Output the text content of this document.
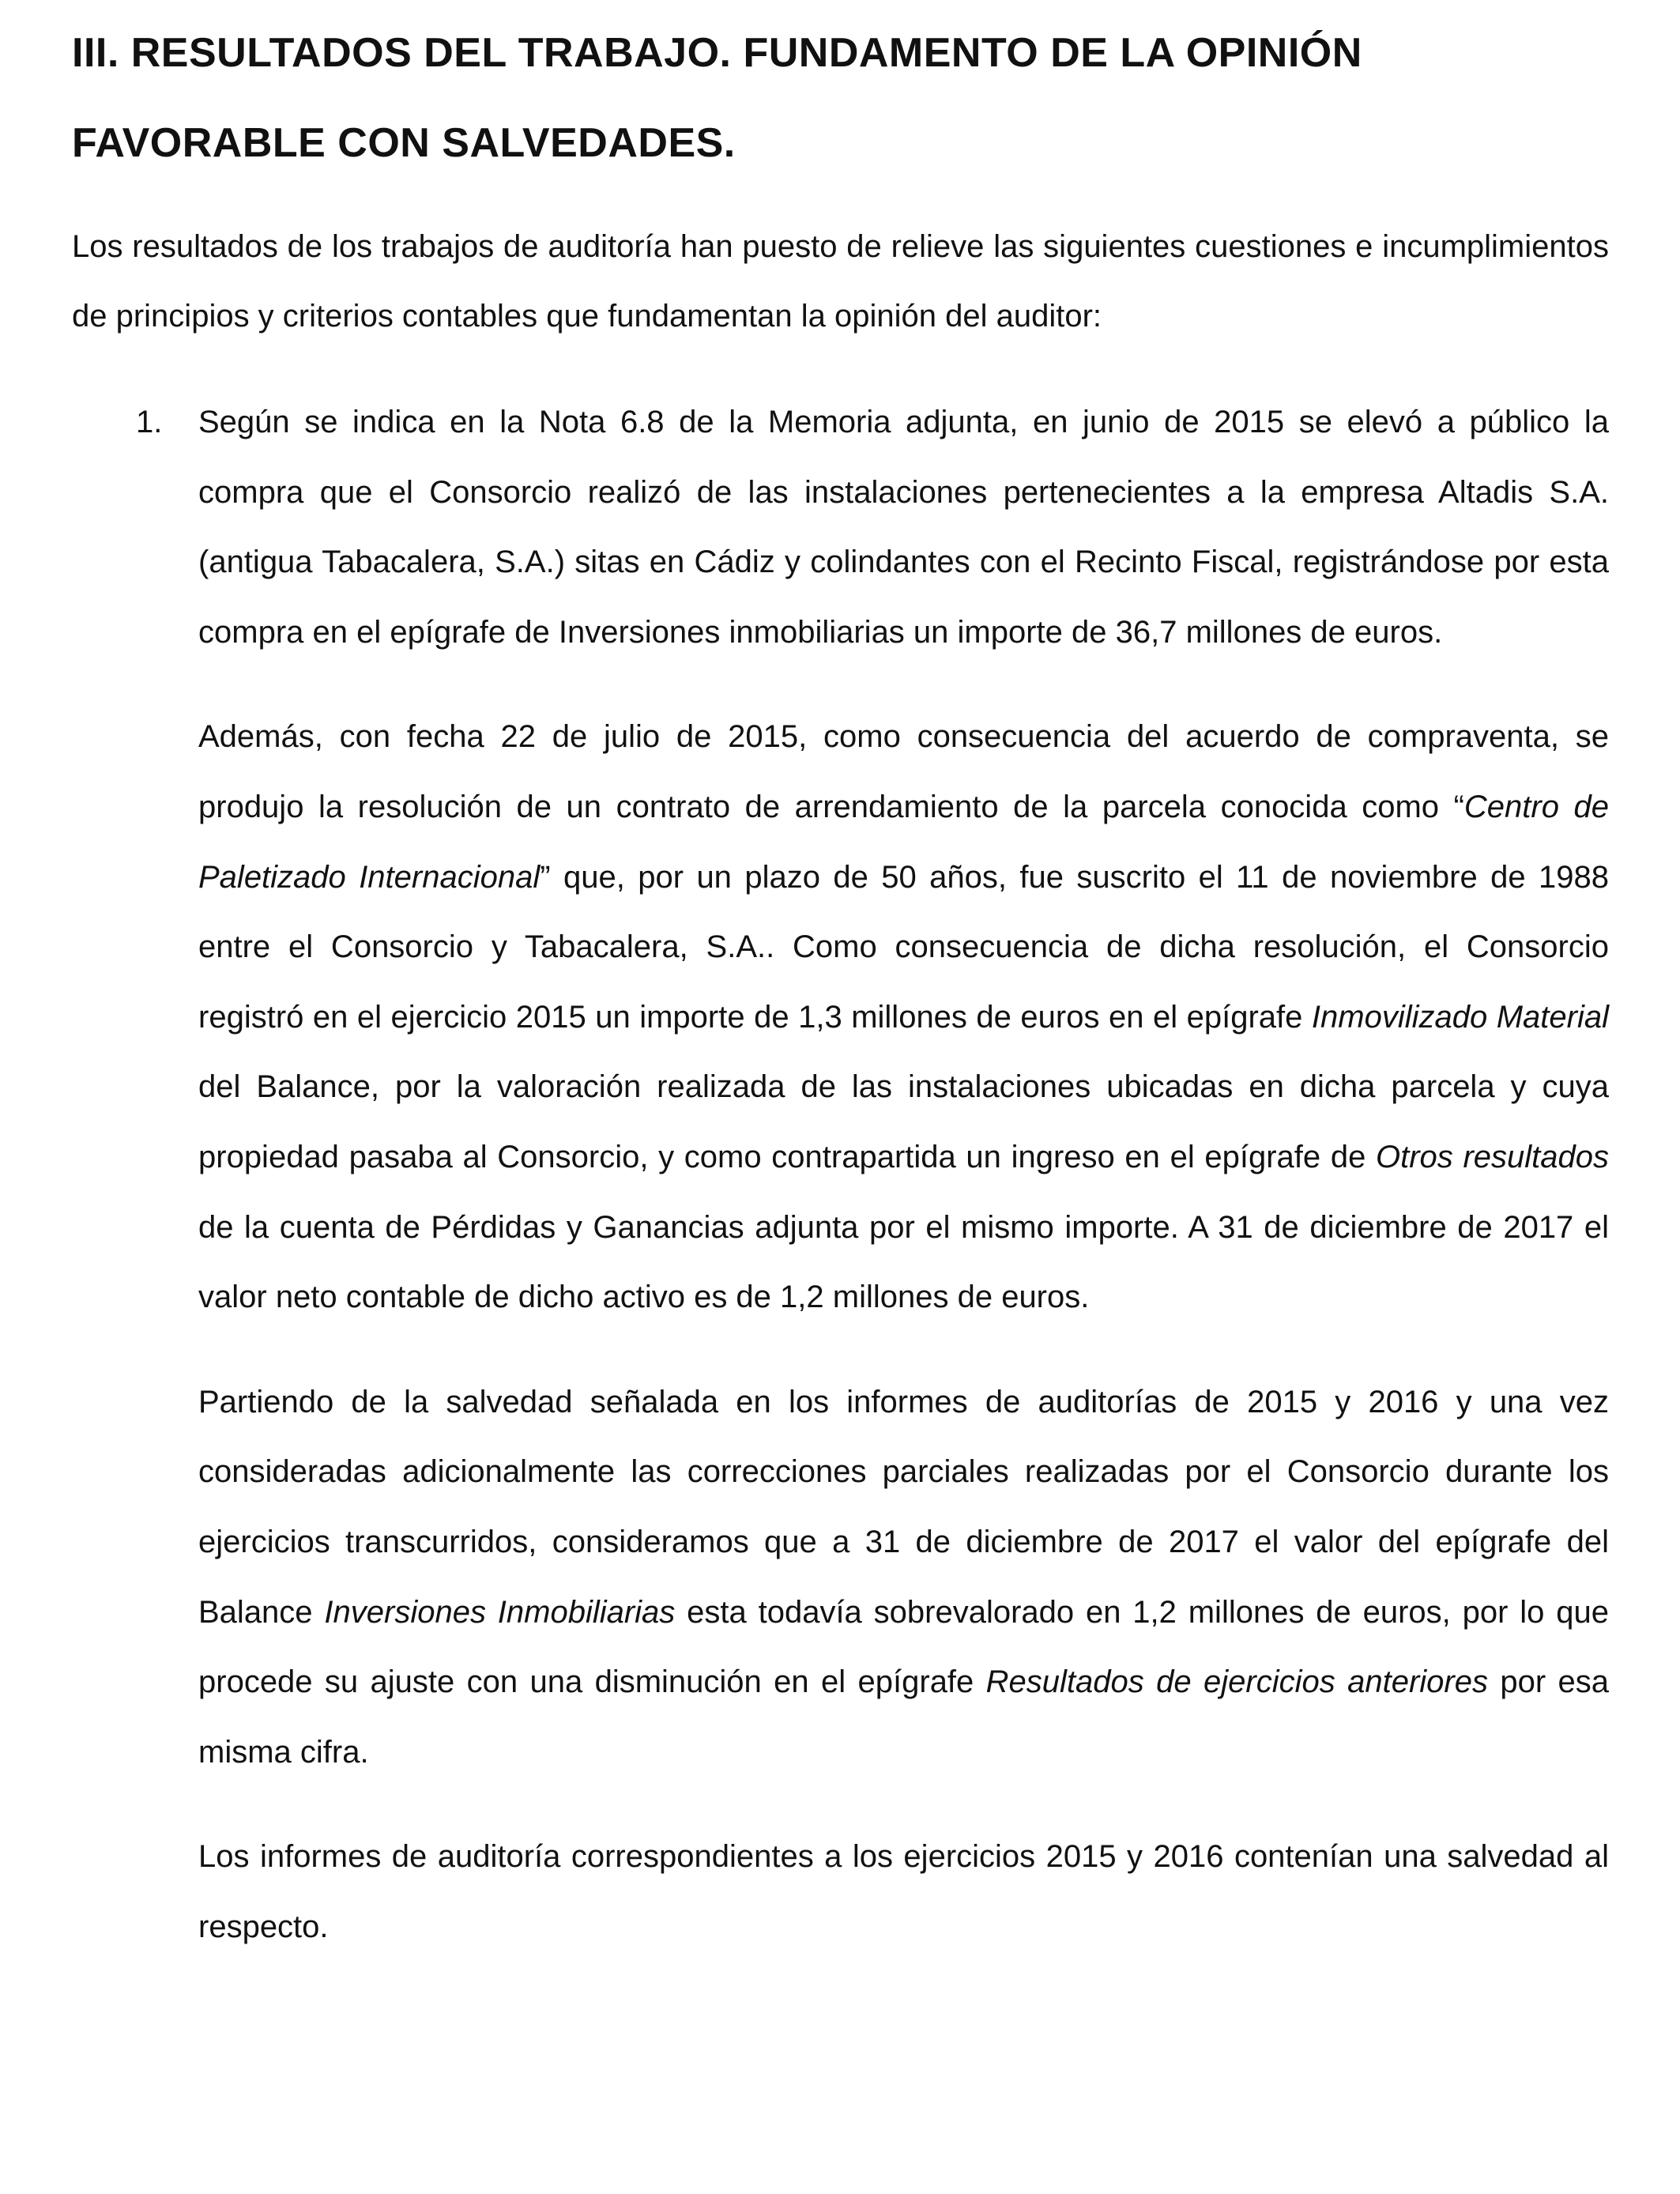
III. RESULTADOS DEL TRABAJO. FUNDAMENTO DE LA OPINIÓN
FAVORABLE CON SALVEDADES.

Los resultados de los trabajos de auditoría han puesto de relieve las siguientes cuestiones e incumplimientos de principios y criterios contables que fundamentan la opinión del auditor:

1. Según se indica en la Nota 6.8 de la Memoria adjunta, en junio de 2015 se elevó a público la compra que el Consorcio realizó de las instalaciones pertenecientes a la empresa Altadis S.A. (antigua Tabacalera, S.A.) sitas en Cádiz y colindantes con el Recinto Fiscal, registrándose por esta compra en el epígrafe de Inversiones inmobiliarias un importe de 36,7 millones de euros.

Además, con fecha 22 de julio de 2015, como consecuencia del acuerdo de compraventa, se produjo la resolución de un contrato de arrendamiento de la parcela conocida como “Centro de Paletizado Internacional” que, por un plazo de 50 años, fue suscrito el 11 de noviembre de 1988 entre el Consorcio y Tabacalera, S.A.. Como consecuencia de dicha resolución, el Consorcio registró en el ejercicio 2015 un importe de 1,3 millones de euros en el epígrafe Inmovilizado Material del Balance, por la valoración realizada de las instalaciones ubicadas en dicha parcela y cuya propiedad pasaba al Consorcio, y como contrapartida un ingreso en el epígrafe de Otros resultados de la cuenta de Pérdidas y Ganancias adjunta por el mismo importe. A 31 de diciembre de 2017 el valor neto contable de dicho activo es de 1,2 millones de euros.

Partiendo de la salvedad señalada en los informes de auditorías de 2015 y 2016 y una vez consideradas adicionalmente las correcciones parciales realizadas por el Consorcio durante los ejercicios transcurridos, consideramos que a 31 de diciembre de 2017 el valor del epígrafe del Balance Inversiones Inmobiliarias esta todavía sobrevalorado en 1,2 millones de euros, por lo que procede su ajuste con una disminución en el epígrafe Resultados de ejercicios anteriores por esa misma cifra.

Los informes de auditoría correspondientes a los ejercicios 2015 y 2016 contenían una salvedad al respecto.
